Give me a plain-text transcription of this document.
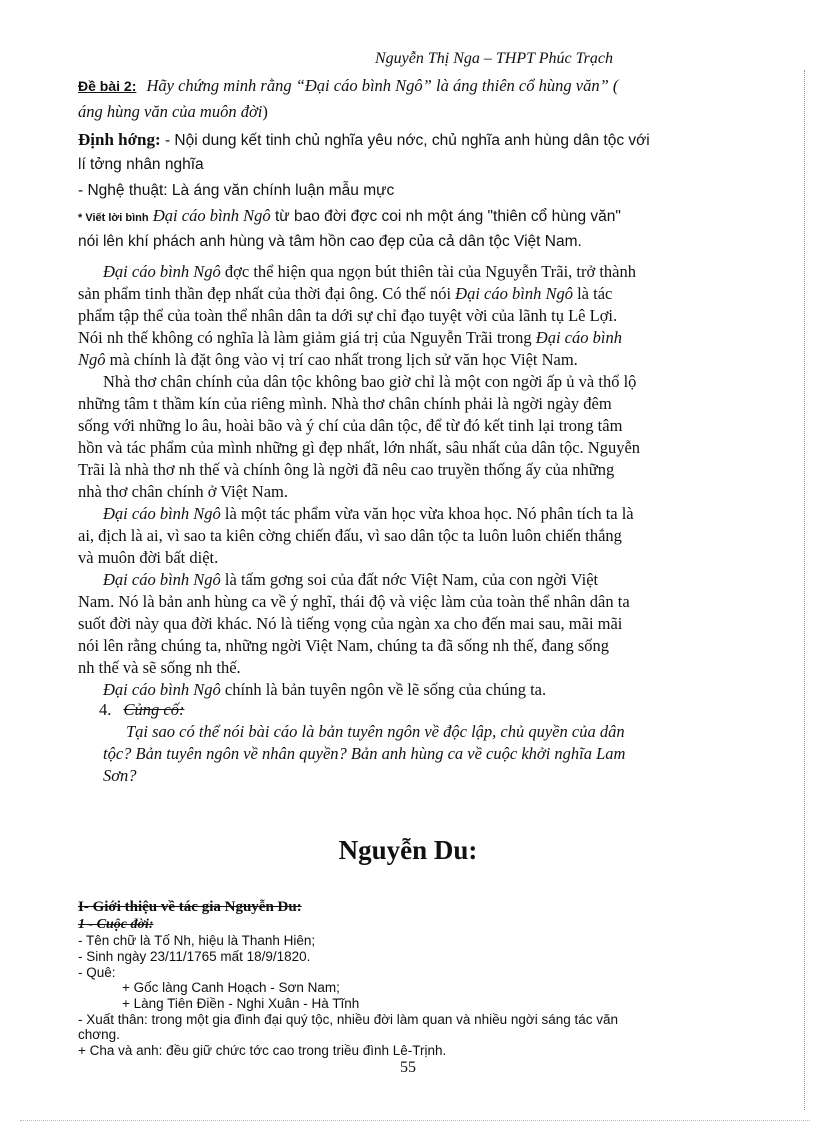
Nguyễn Thị Nga – THPT Phúc Trạch
Đề bài 2: Hãy chứng minh rằng “Đại cáo bình Ngô” là áng thiên cổ hùng văn” (
áng hùng văn của muôn đời)
Định hớng: - Nội dung kết tinh chủ nghĩa yêu nớc, chủ nghĩa anh hùng dân tộc với
lí tởng nhân nghĩa
- Nghệ thuật: Là áng văn chính luận mẫu mực
* Viết lời bình Đại cáo bình Ngô từ bao đời đợc coi nh một áng "thiên cổ hùng văn"
nói lên khí phách anh hùng và tâm hồn cao đẹp của cả dân tộc Việt Nam.
Đại cáo bình Ngô đợc thể hiện qua ngọn bút thiên tài của Nguyễn Trãi, trở thành
sản phẩm tinh thần đẹp nhất của thời đại ông. Có thể nói Đại cáo bình Ngô là tác
phẩm tập thể của toàn thể nhân dân ta dới sự chỉ đạo tuyệt vời của lãnh tụ Lê Lợi.
Nói nh thế không có nghĩa là làm giảm giá trị của Nguyễn Trãi trong Đại cáo bình
Ngô mà chính là đặt ông vào vị trí cao nhất trong lịch sử văn học Việt Nam.
Nhà thơ chân chính của dân tộc không bao giờ chỉ là một con ngời ấp ủ và thổ lộ
những tâm t thầm kín của riêng mình. Nhà thơ chân chính phải là ngời ngày đêm
sống với những lo âu, hoài bão và ý chí của dân tộc, để từ đó kết tinh lại trong tâm
hồn và tác phẩm của mình những gì đẹp nhất, lớn nhất, sâu nhất của dân tộc. Nguyễn
Trãi là nhà thơ nh thế và chính ông là ngời đã nêu cao truyền thống ấy của những
nhà thơ chân chính ở Việt Nam.
Đại cáo bình Ngô là một tác phẩm vừa văn học vừa khoa học. Nó phân tích ta là
ai, địch là ai, vì sao ta kiên cờng chiến đấu, vì sao dân tộc ta luôn luôn chiến thắng
và muôn đời bất diệt.
Đại cáo bình Ngô là tấm gơng soi của đất nớc Việt Nam, của con ngời Việt
Nam. Nó là bản anh hùng ca về ý nghĩ, thái độ và việc làm của toàn thể nhân dân ta
suốt đời này qua đời khác. Nó là tiếng vọng của ngàn xa cho đến mai sau, mãi mãi
nói lên rằng chúng ta, những ngời Việt Nam, chúng ta đã sống nh thế, đang sống
nh thế và sẽ sống nh thế.
Đại cáo bình Ngô chính là bản tuyên ngôn về lẽ sống của chúng ta.
4. Củng cố:
Tại sao có thể nói bài cáo là bản tuyên ngôn về độc lập, chủ quyền của dân
tộc? Bản tuyên ngôn về nhân quyền? Bản anh hùng ca về cuộc khởi nghĩa Lam
Sơn?
Nguyễn Du:
I- Giới thiệu về tác gia Nguyễn Du:
1 - Cuộc đời:
- Tên chữ là Tố Nh, hiệu là Thanh Hiên;
- Sinh ngày 23/11/1765 mất 18/9/1820.
- Quê:
+ Gốc làng Canh Hoạch - Sơn Nam;
+ Làng Tiên Điền - Nghi Xuân - Hà Tĩnh
- Xuất thân: trong một gia đình đại quý tộc, nhiều đời làm quan và nhiều ngời sáng tác văn
chơng.
+ Cha và anh: đều giữ chức tớc cao trong triều đình Lê-Trịnh.
55
